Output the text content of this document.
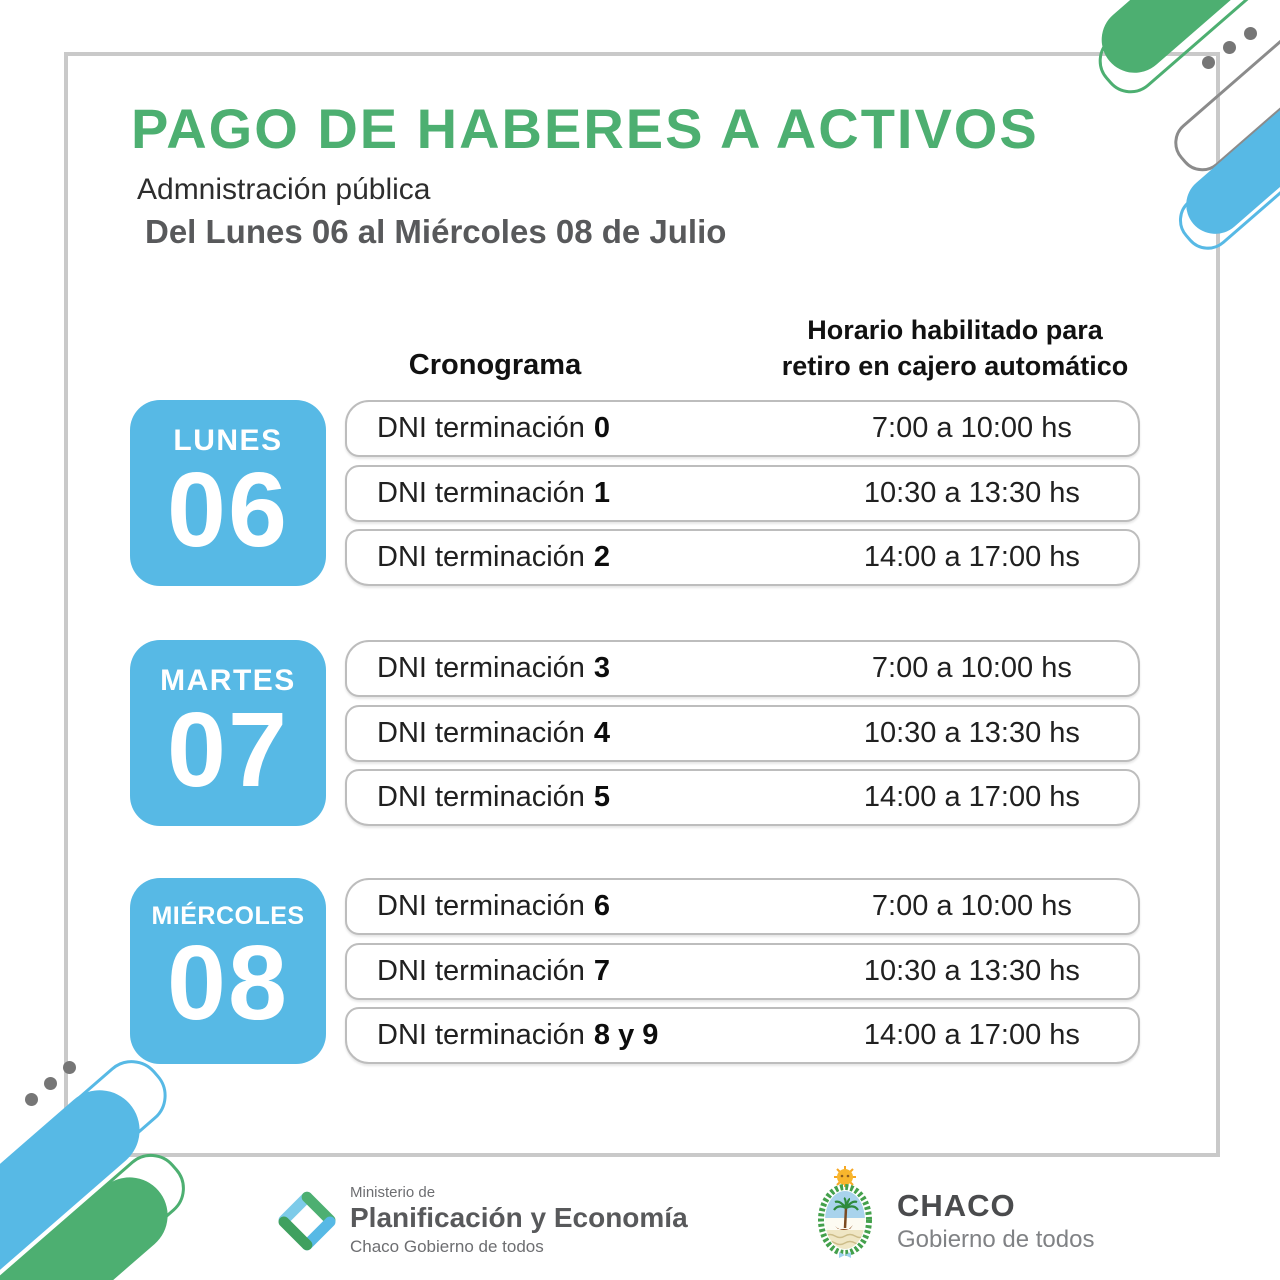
PAGO DE HABERES A ACTIVOS
Admnistración pública
Del Lunes 06 al Miércoles 08 de Julio
Cronograma
Horario habilitado para
retiro en cajero automático
LUNES
06
DNI terminación 0	7:00 a 10:00 hs
DNI terminación 1	10:30 a 13:30 hs
DNI terminación 2	14:00 a 17:00 hs
MARTES
07
DNI terminación 3	7:00 a 10:00 hs
DNI terminación 4	10:30 a 13:30 hs
DNI terminación 5	14:00 a 17:00 hs
MIÉRCOLES
08
DNI terminación 6	7:00 a 10:00 hs
DNI terminación 7	10:30 a 13:30 hs
DNI terminación 8 y 9	14:00 a 17:00 hs
Ministerio de
Planificación y Economía
Chaco Gobierno de todos
CHACO
Gobierno de todos
